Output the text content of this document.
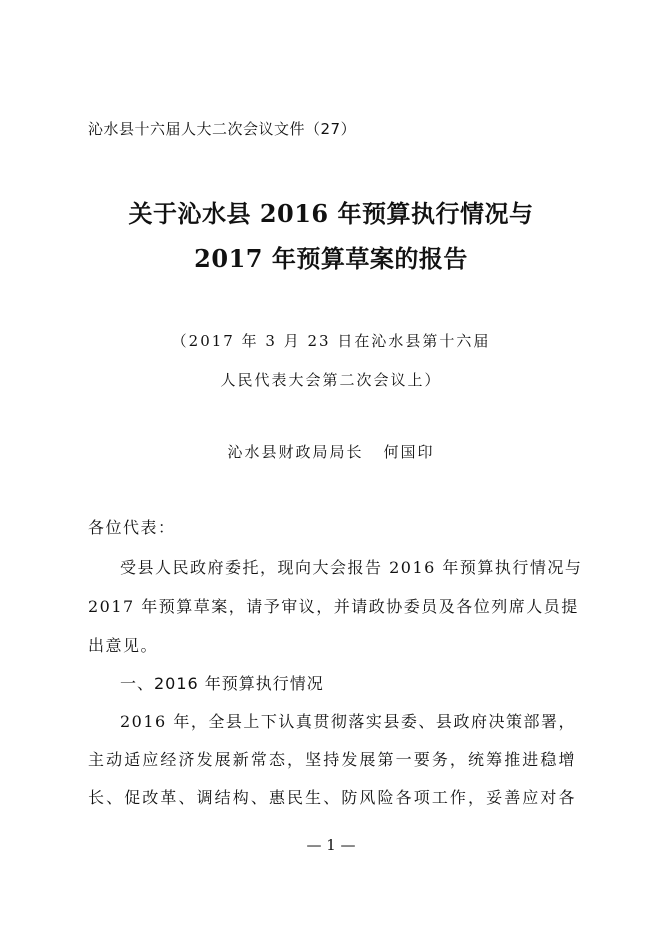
沁水县十六届人大二次会议文件（27）
关于沁水县 2016 年预算执行情况与
2017 年预算草案的报告
（2017 年 3 月 23 日在沁水县第十六届
人民代表大会第二次会议上）
沁水县财政局局长 何国印
各位代表：
受县人民政府委托，现向大会报告 2016 年预算执行情况与
2017 年预算草案，请予审议，并请政协委员及各位列席人员提
出意见。
一、2016 年预算执行情况
2016 年，全县上下认真贯彻落实县委、县政府决策部署，
主动适应经济发展新常态，坚持发展第一要务，统筹推进稳增
长、促改革、调结构、惠民生、防风险各项工作，妥善应对各
— 1 —
